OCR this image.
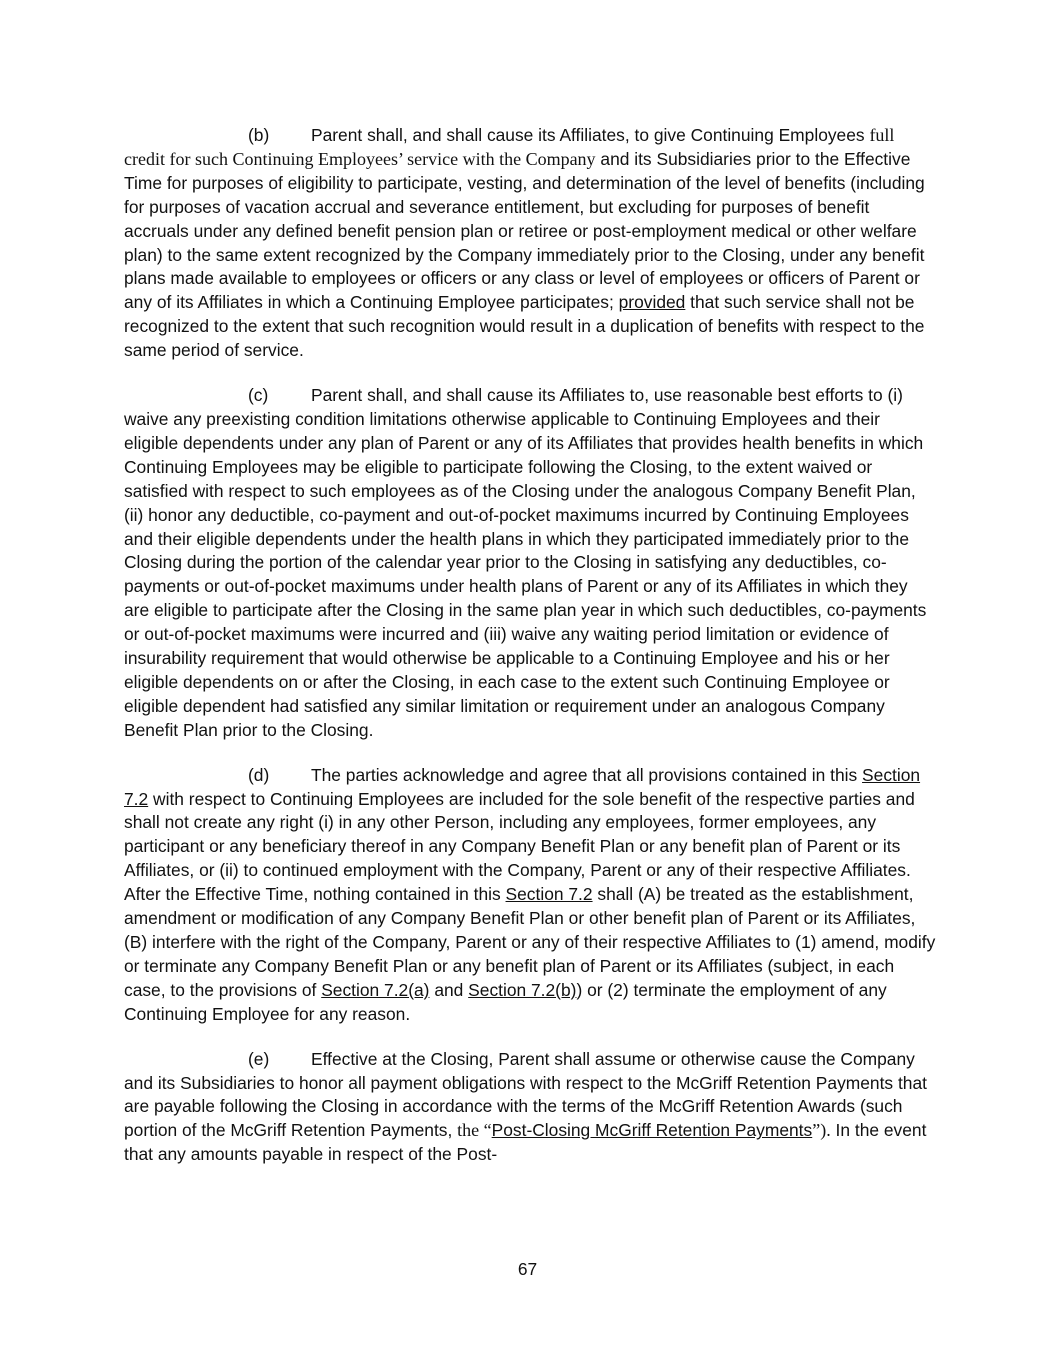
(b) Parent shall, and shall cause its Affiliates, to give Continuing Employees full credit for such Continuing Employees’ service with the Company and its Subsidiaries prior to the Effective Time for purposes of eligibility to participate, vesting, and determination of the level of benefits (including for purposes of vacation accrual and severance entitlement, but excluding for purposes of benefit accruals under any defined benefit pension plan or retiree or post-employment medical or other welfare plan) to the same extent recognized by the Company immediately prior to the Closing, under any benefit plans made available to employees or officers or any class or level of employees or officers of Parent or any of its Affiliates in which a Continuing Employee participates; provided that such service shall not be recognized to the extent that such recognition would result in a duplication of benefits with respect to the same period of service.

(c) Parent shall, and shall cause its Affiliates to, use reasonable best efforts to (i) waive any preexisting condition limitations otherwise applicable to Continuing Employees and their eligible dependents under any plan of Parent or any of its Affiliates that provides health benefits in which Continuing Employees may be eligible to participate following the Closing, to the extent waived or satisfied with respect to such employees as of the Closing under the analogous Company Benefit Plan, (ii) honor any deductible, co-payment and out-of-pocket maximums incurred by Continuing Employees and their eligible dependents under the health plans in which they participated immediately prior to the Closing during the portion of the calendar year prior to the Closing in satisfying any deductibles, co-payments or out-of-pocket maximums under health plans of Parent or any of its Affiliates in which they are eligible to participate after the Closing in the same plan year in which such deductibles, co-payments or out-of-pocket maximums were incurred and (iii) waive any waiting period limitation or evidence of insurability requirement that would otherwise be applicable to a Continuing Employee and his or her eligible dependents on or after the Closing, in each case to the extent such Continuing Employee or eligible dependent had satisfied any similar limitation or requirement under an analogous Company Benefit Plan prior to the Closing.

(d) The parties acknowledge and agree that all provisions contained in this Section 7.2 with respect to Continuing Employees are included for the sole benefit of the respective parties and shall not create any right (i) in any other Person, including any employees, former employees, any participant or any beneficiary thereof in any Company Benefit Plan or any benefit plan of Parent or its Affiliates, or (ii) to continued employment with the Company, Parent or any of their respective Affiliates. After the Effective Time, nothing contained in this Section 7.2 shall (A) be treated as the establishment, amendment or modification of any Company Benefit Plan or other benefit plan of Parent or its Affiliates, (B) interfere with the right of the Company, Parent or any of their respective Affiliates to (1) amend, modify or terminate any Company Benefit Plan or any benefit plan of Parent or its Affiliates (subject, in each case, to the provisions of Section 7.2(a) and Section 7.2(b)) or (2) terminate the employment of any Continuing Employee for any reason.

(e) Effective at the Closing, Parent shall assume or otherwise cause the Company and its Subsidiaries to honor all payment obligations with respect to the McGriff Retention Payments that are payable following the Closing in accordance with the terms of the McGriff Retention Awards (such portion of the McGriff Retention Payments, the “Post-Closing McGriff Retention Payments”). In the event that any amounts payable in respect of the Post-

67
